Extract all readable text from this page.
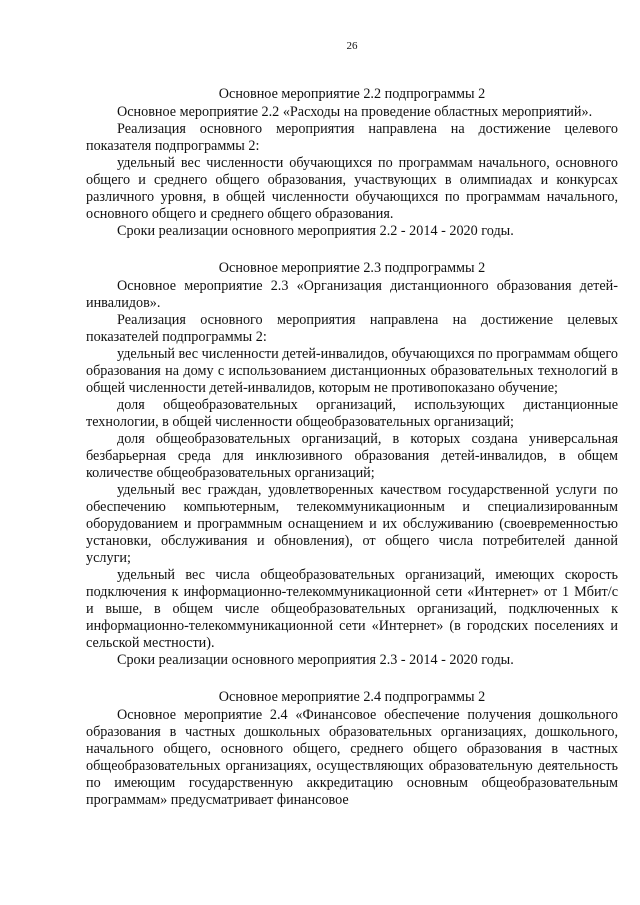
26
Основное мероприятие 2.2 подпрограммы 2

Основное мероприятие 2.2 «Расходы на проведение областных мероприятий».

Реализация основного мероприятия направлена на достижение целевого показателя подпрограммы 2:

удельный вес численности обучающихся по программам начального, основного общего и среднего общего образования, участвующих в олимпиадах и конкурсах различного уровня, в общей численности обучающихся по программам начального, основного общего и среднего общего образования.

Сроки реализации основного мероприятия 2.2 - 2014 - 2020 годы.

Основное мероприятие 2.3 подпрограммы 2

Основное мероприятие 2.3 «Организация дистанционного образования детей-инвалидов».

Реализация основного мероприятия направлена на достижение целевых показателей подпрограммы 2:

удельный вес численности детей-инвалидов, обучающихся по программам общего образования на дому с использованием дистанционных образовательных технологий в общей численности детей-инвалидов, которым не противопоказано обучение;

доля общеобразовательных организаций, использующих дистанционные технологии, в общей численности общеобразовательных организаций;

доля общеобразовательных организаций, в которых создана универсальная безбарьерная среда для инклюзивного образования детей-инвалидов, в общем количестве общеобразовательных организаций;

удельный вес граждан, удовлетворенных качеством государственной услуги по обеспечению компьютерным, телекоммуникационным и специализированным оборудованием и программным оснащением и их обслуживанию (своевременностью установки, обслуживания и обновления), от общего числа потребителей данной услуги;

удельный вес числа общеобразовательных организаций, имеющих скорость подключения к информационно-телекоммуникационной сети «Интернет» от 1 Мбит/с и выше, в общем числе общеобразовательных организаций, подключенных к информационно-телекоммуникационной сети «Интернет» (в городских поселениях и сельской местности).

Сроки реализации основного мероприятия 2.3 - 2014 - 2020 годы.

Основное мероприятие 2.4 подпрограммы 2

Основное мероприятие 2.4 «Финансовое обеспечение получения дошкольного образования в частных дошкольных образовательных организациях, дошкольного, начального общего, основного общего, среднего общего образования в частных общеобразовательных организациях, осуществляющих образовательную деятельность по имеющим государственную аккредитацию основным общеобразовательным программам» предусматривает финансовое
